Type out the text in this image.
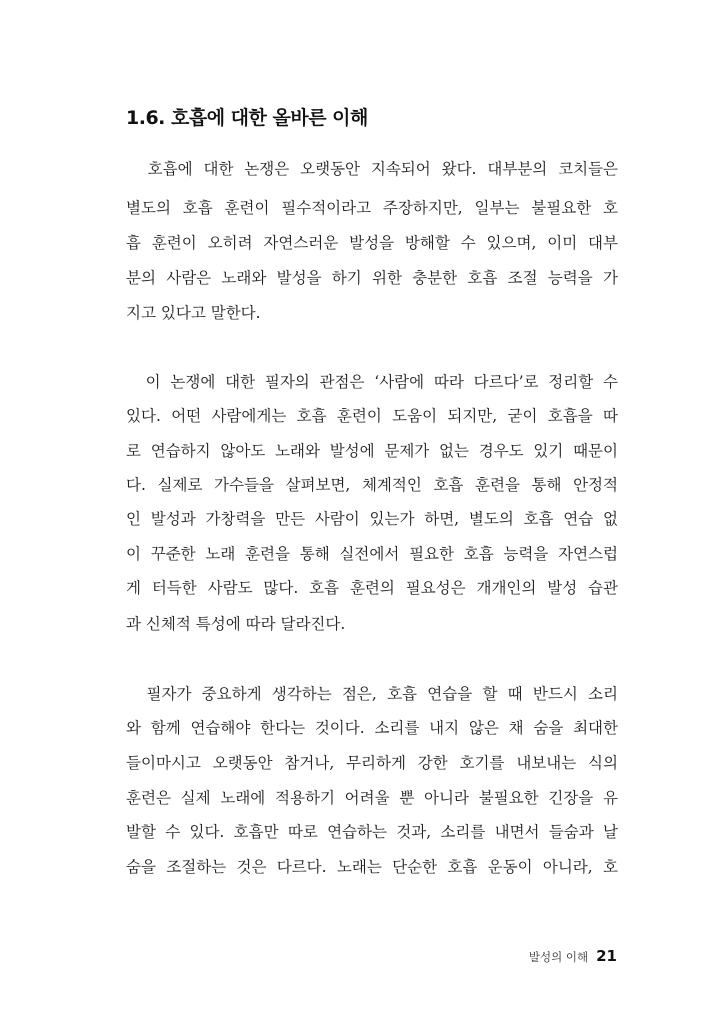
1.6. 호흡에 대한 올바른 이해
호흡에 대한 논쟁은 오랫동안 지속되어 왔다. 대부분의 코치들은
별도의 호흡 훈련이 필수적이라고 주장하지만, 일부는 불필요한 호
흡 훈련이 오히려 자연스러운 발성을 방해할 수 있으며, 이미 대부
분의 사람은 노래와 발성을 하기 위한 충분한 호흡 조절 능력을 가
지고 있다고 말한다.
이 논쟁에 대한 필자의 관점은 ‘사람에 따라 다르다’로 정리할 수
있다. 어떤 사람에게는 호흡 훈련이 도움이 되지만, 굳이 호흡을 따
로 연습하지 않아도 노래와 발성에 문제가 없는 경우도 있기 때문이
다. 실제로 가수들을 살펴보면, 체계적인 호흡 훈련을 통해 안정적
인 발성과 가창력을 만든 사람이 있는가 하면, 별도의 호흡 연습 없
이 꾸준한 노래 훈련을 통해 실전에서 필요한 호흡 능력을 자연스럽
게 터득한 사람도 많다. 호흡 훈련의 필요성은 개개인의 발성 습관
과 신체적 특성에 따라 달라진다.
필자가 중요하게 생각하는 점은, 호흡 연습을 할 때 반드시 소리
와 함께 연습해야 한다는 것이다. 소리를 내지 않은 채 숨을 최대한
들이마시고 오랫동안 참거나, 무리하게 강한 호기를 내보내는 식의
훈련은 실제 노래에 적용하기 어려울 뿐 아니라 불필요한 긴장을 유
발할 수 있다. 호흡만 따로 연습하는 것과, 소리를 내면서 들숨과 날
숨을 조절하는 것은 다르다. 노래는 단순한 호흡 운동이 아니라, 호
발성의 이해 21
